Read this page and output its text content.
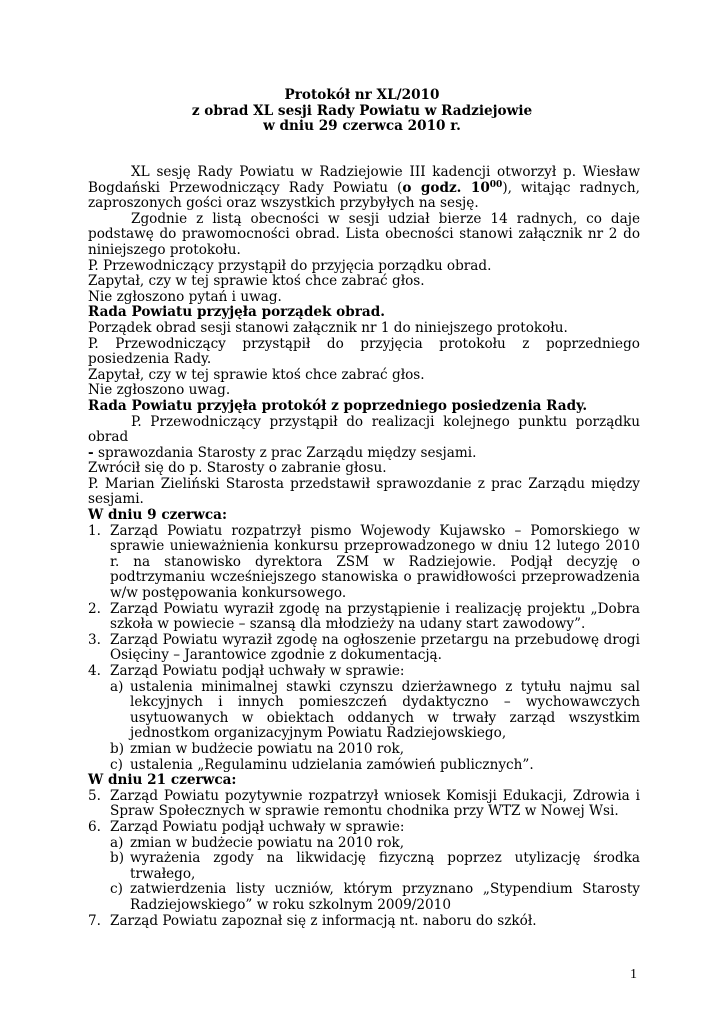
Protokół nr XL/2010
z obrad XL sesji Rady Powiatu w Radziejowie
w dniu 29 czerwca 2010 r.

XL sesję Rady Powiatu w Radziejowie III kadencji otworzył p. Wiesław Bogdański Przewodniczący Rady Powiatu (o godz. $10^{00}$), witając radnych, zaproszonych gości oraz wszystkich przybyłych na sesję.

Zgodnie z listą obecności w sesji udział bierze 14 radnych, co daje podstawę do prawomocności obrad. Lista obecności stanowi załącznik nr 2 do niniejszego protokołu.

P. Przewodniczący przystąpił do przyjęcia porządku obrad.

Zapytał, czy w tej sprawie ktoś chce zabrać głos.

Nie zgłoszono pytań i uwag.

Rada Powiatu przyjęła porządek obrad.

Porządek obrad sesji stanowi załącznik nr 1 do niniejszego protokołu.

P. Przewodniczący przystąpił do przyjęcia protokołu z poprzedniego posiedzenia Rady.

Zapytał, czy w tej sprawie ktoś chce zabrać głos.

Nie zgłoszono uwag.

Rada Powiatu przyjęła protokół z poprzedniego posiedzenia Rady.

P. Przewodniczący przystąpił do realizacji kolejnego punktu porządku obrad

- sprawozdania Starosty z prac Zarządu między sesjami.

Zwrócił się do p. Starosty o zabranie głosu.

P. Marian Zieliński Starosta przedstawił sprawozdanie z prac Zarządu między sesjami.

W dniu 9 czerwca:

1. Zarząd Powiatu rozpatrzył pismo Wojewody Kujawsko – Pomorskiego w sprawie unieważnienia konkursu przeprowadzonego w dniu 12 lutego 2010 r. na stanowisko dyrektora ZSM w Radziejowie. Podjął decyzję o podtrzymaniu wcześniejszego stanowiska o prawidłowości przeprowadzenia w/w postępowania konkursowego.
2. Zarząd Powiatu wyraził zgodę na przystąpienie i realizację projektu „Dobra szkoła w powiecie – szansą dla młodzieży na udany start zawodowy”.
3. Zarząd Powiatu wyraził zgodę na ogłoszenie przetargu na przebudowę drogi Osięciny – Jarantowice zgodnie z dokumentacją.
4. Zarząd Powiatu podjął uchwały w sprawie:
a) ustalenia minimalnej stawki czynszu dzierżawnego z tytułu najmu sal lekcyjnych i innych pomieszczeń dydaktyczno – wychowawczych usytuowanych w obiektach oddanych w trwały zarząd wszystkim jednostkom organizacyjnym Powiatu Radziejowskiego,
b) zmian w budżecie powiatu na 2010 rok,
c) ustalenia „Regulaminu udzielania zamówień publicznych”.

W dniu 21 czerwca:

5. Zarząd Powiatu pozytywnie rozpatrzył wniosek Komisji Edukacji, Zdrowia i Spraw Społecznych w sprawie remontu chodnika przy WTZ w Nowej Wsi.
6. Zarząd Powiatu podjął uchwały w sprawie:
a) zmian w budżecie powiatu na 2010 rok,
b) wyrażenia zgody na likwidację fizyczną poprzez utylizację środka trwałego,
c) zatwierdzenia listy uczniów, którym przyznano „Stypendium Starosty Radziejowskiego” w roku szkolnym 2009/2010
7. Zarząd Powiatu zapoznał się z informacją nt. naboru do szkół.
1
